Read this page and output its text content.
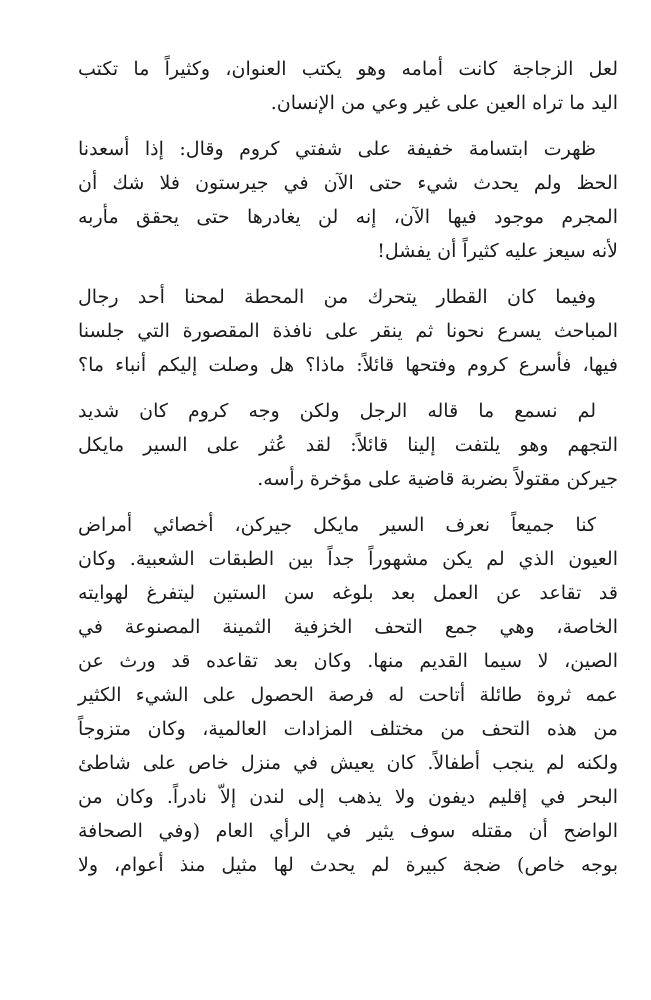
لعل الزجاجة كانت أمامه وهو يكتب العنوان، وكثيراً ما تكتب
اليد ما تراه العين على غير وعي من الإنسان.
ظهرت ابتسامة خفيفة على شفتي كروم وقال: إذا أسعدنا
الحظ ولم يحدث شيء حتى الآن في جيرستون فلا شك أن
المجرم موجود فيها الآن، إنه لن يغادرها حتى يحقق مأربه
لأنه سيعز عليه كثيراً أن يفشل!
وفيما كان القطار يتحرك من المحطة لمحنا أحد رجال
المباحث يسرع نحونا ثم ينقر على نافذة المقصورة التي جلسنا
فيها، فأسرع كروم وفتحها قائلاً: ماذا؟ هل وصلت إليكم أنباء ما؟
لم نسمع ما قاله الرجل ولكن وجه كروم كان شديد
التجهم وهو يلتفت إلينا قائلاً: لقد عُثر على السير مايكل
جيركن مقتولاً بضربة قاضية على مؤخرة رأسه.
كنا جميعاً نعرف السير مايكل جيركن، أخصائي أمراض
العيون الذي لم يكن مشهوراً جداً بين الطبقات الشعبية. وكان
قد تقاعد عن العمل بعد بلوغه سن الستين ليتفرغ لهوايته
الخاصة، وهي جمع التحف الخزفية الثمينة المصنوعة في
الصين، لا سيما القديم منها. وكان بعد تقاعده قد ورث عن
عمه ثروة طائلة أتاحت له فرصة الحصول على الشيء الكثير
من هذه التحف من مختلف المزادات العالمية، وكان متزوجاً
ولكنه لم ينجب أطفالاً. كان يعيش في منزل خاص على شاطئ
البحر في إقليم ديفون ولا يذهب إلى لندن إلاّ نادراً. وكان من
الواضح أن مقتله سوف يثير في الرأي العام (وفي الصحافة
بوجه خاص) ضجة كبيرة لم يحدث لها مثيل منذ أعوام، ولا
